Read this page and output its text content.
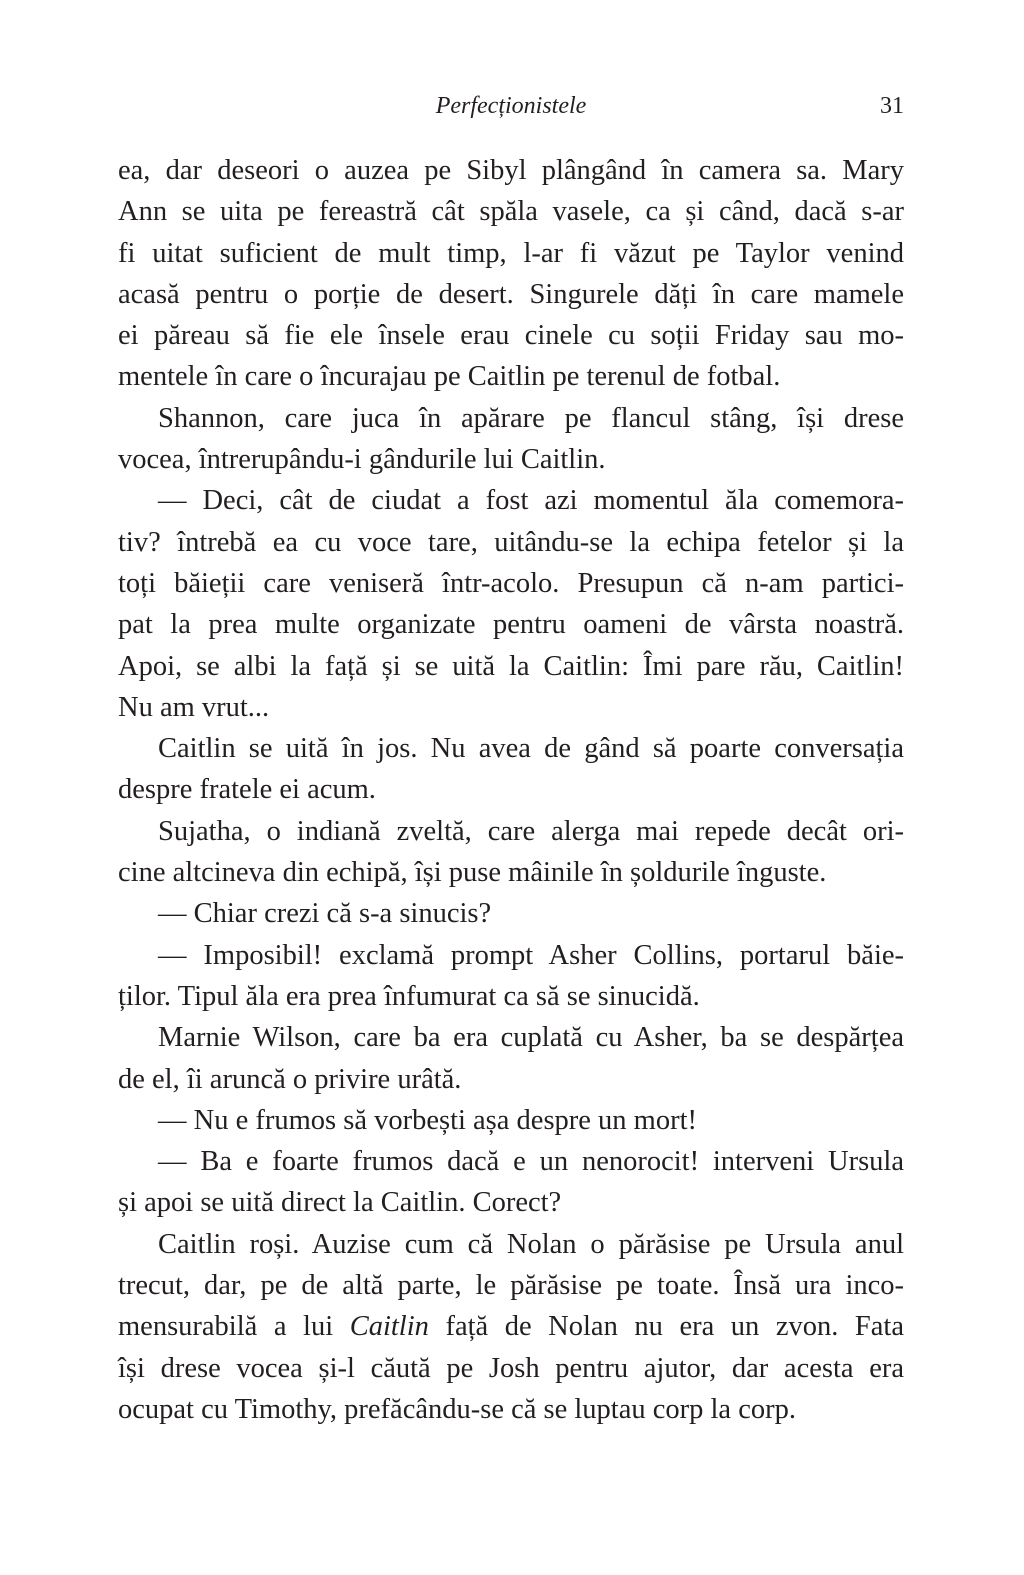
Perfecționistele	31
ea, dar deseori o auzea pe Sibyl plângând în camera sa. Mary
Ann se uita pe fereastră cât spăla vasele, ca și când, dacă s-ar
fi uitat suficient de mult timp, l-ar fi văzut pe Taylor venind
acasă pentru o porție de desert. Singurele dăți în care mamele
ei păreau să fie ele însele erau cinele cu soții Friday sau mo-
mentele în care o încurajau pe Caitlin pe terenul de fotbal.
Shannon, care juca în apărare pe flancul stâng, își drese
vocea, întrerupându-i gândurile lui Caitlin.
— Deci, cât de ciudat a fost azi momentul ăla comemora-
tiv? întrebă ea cu voce tare, uitându-se la echipa fetelor și la
toți băieții care veniseră într-acolo. Presupun că n-am partici-
pat la prea multe organizate pentru oameni de vârsta noastră.
Apoi, se albi la față și se uită la Caitlin: Îmi pare rău, Caitlin!
Nu am vrut...
Caitlin se uită în jos. Nu avea de gând să poarte conversația
despre fratele ei acum.
Sujatha, o indiană zveltă, care alerga mai repede decât ori-
cine altcineva din echipă, își puse mâinile în șoldurile înguste.
— Chiar crezi că s-a sinucis?
— Imposibil! exclamă prompt Asher Collins, portarul băie-
ților. Tipul ăla era prea înfumurat ca să se sinucidă.
Marnie Wilson, care ba era cuplată cu Asher, ba se despărțea
de el, îi aruncă o privire urâtă.
— Nu e frumos să vorbești așa despre un mort!
— Ba e foarte frumos dacă e un nenorocit! interveni Ursula
și apoi se uită direct la Caitlin. Corect?
Caitlin roși. Auzise cum că Nolan o părăsise pe Ursula anul
trecut, dar, pe de altă parte, le părăsise pe toate. Însă ura inco-
mensurabilă a lui Caitlin față de Nolan nu era un zvon. Fata
își drese vocea și-l căută pe Josh pentru ajutor, dar acesta era
ocupat cu Timothy, prefăcându-se că se luptau corp la corp.
